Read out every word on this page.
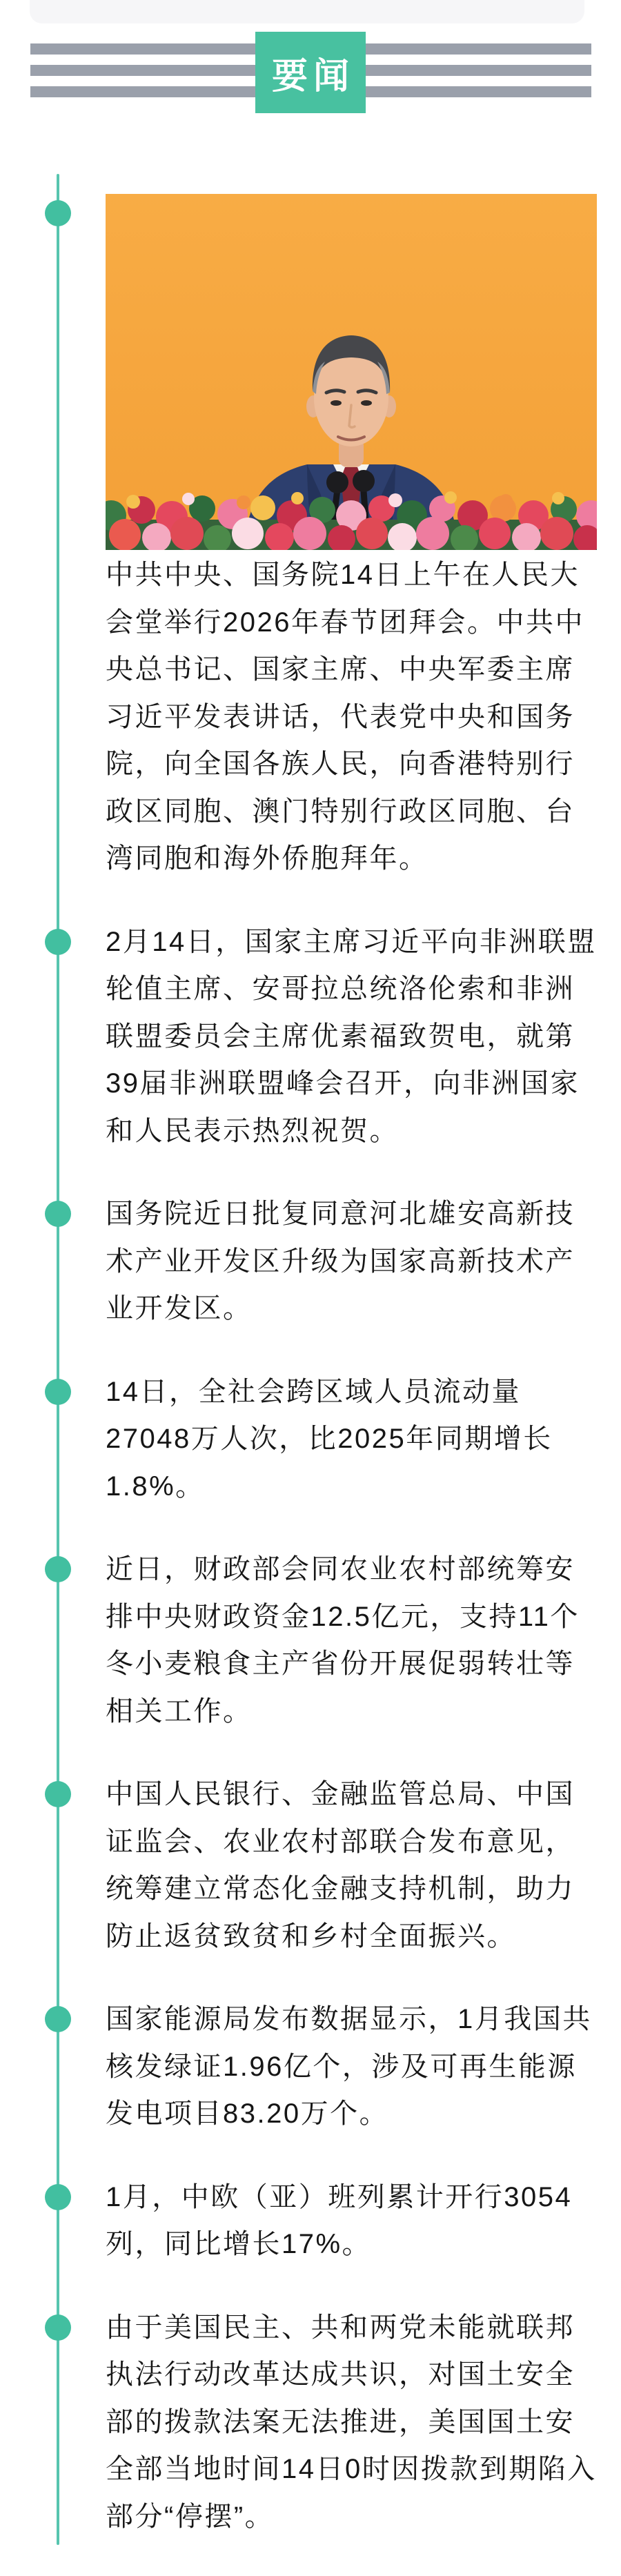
要闻
中共中央、国务院14日上午在人民大会堂举行2026年春节团拜会。中共中央总书记、国家主席、中央军委主席习近平发表讲话，代表党中央和国务院，向全国各族人民，向香港特别行政区同胞、澳门特别行政区同胞、台湾同胞和海外侨胞拜年。
2月14日，国家主席习近平向非洲联盟轮值主席、安哥拉总统洛伦索和非洲联盟委员会主席优素福致贺电，就第39届非洲联盟峰会召开，向非洲国家和人民表示热烈祝贺。
国务院近日批复同意河北雄安高新技术产业开发区升级为国家高新技术产业开发区。
14日，全社会跨区域人员流动量27048万人次，比2025年同期增长1.8%。
近日，财政部会同农业农村部统筹安排中央财政资金12.5亿元，支持11个冬小麦粮食主产省份开展促弱转壮等相关工作。
中国人民银行、金融监管总局、中国证监会、农业农村部联合发布意见，统筹建立常态化金融支持机制，助力防止返贫致贫和乡村全面振兴。
国家能源局发布数据显示，1月我国共核发绿证1.96亿个，涉及可再生能源发电项目83.20万个。
1月，中欧（亚）班列累计开行3054列，同比增长17%。
由于美国民主、共和两党未能就联邦执法行动改革达成共识，对国土安全部的拨款法案无法推进，美国国土安全部当地时间14日0时因拨款到期陷入部分“停摆”。
